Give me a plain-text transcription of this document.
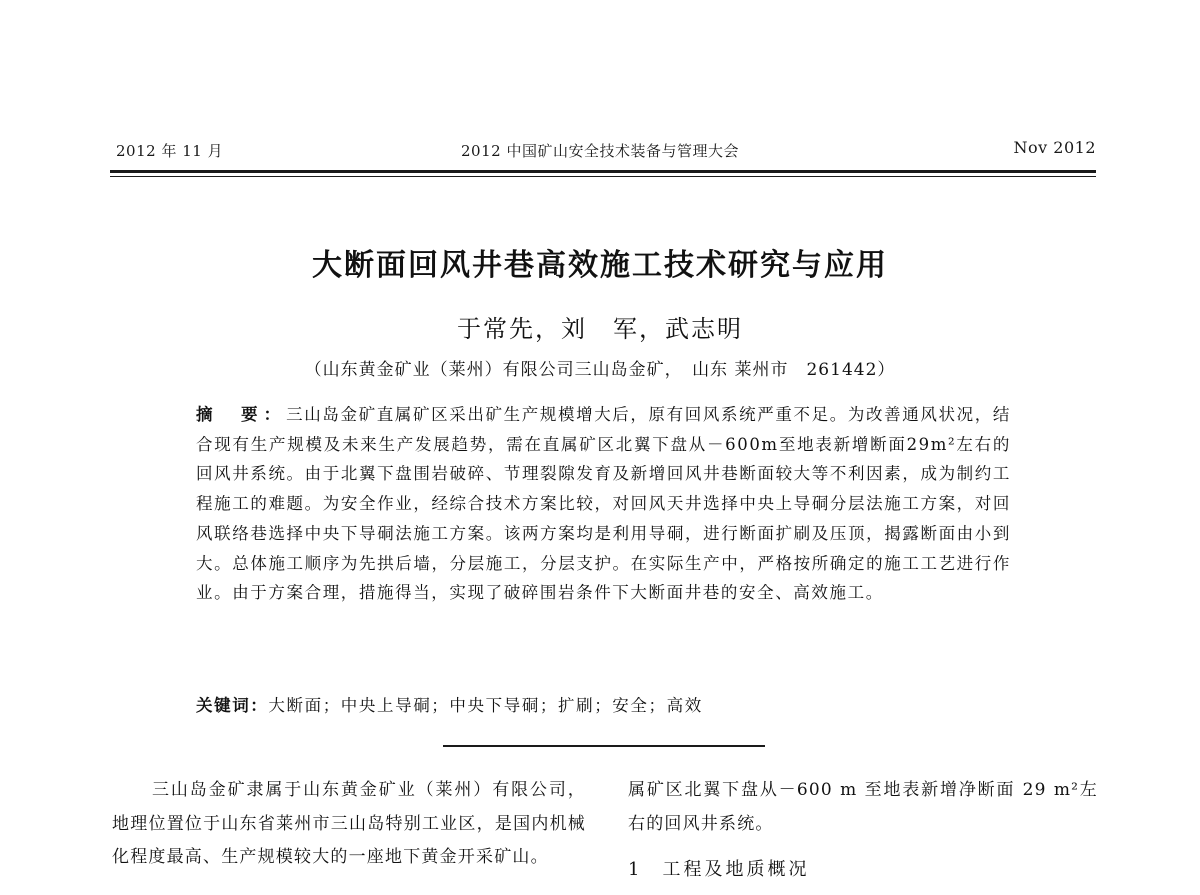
2012 年 11 月	2012 中国矿山安全技术装备与管理大会	Nov 2012
大断面回风井巷高效施工技术研究与应用
于常先，刘　军，武志明
（山东黄金矿业（莱州）有限公司三山岛金矿，　山东 莱州市　261442）
摘　要：三山岛金矿直属矿区采出矿生产规模增大后，原有回风系统严重不足。为改善通风状况，结合现有生产规模及未来生产发展趋势，需在直属矿区北翼下盘从－600m至地表新增断面29m²左右的回风井系统。由于北翼下盘围岩破碎、节理裂隙发育及新增回风井巷断面较大等不利因素，成为制约工程施工的难题。为安全作业，经综合技术方案比较，对回风天井选择中央上导硐分层法施工方案，对回风联络巷选择中央下导硐法施工方案。该两方案均是利用导硐，进行断面扩刷及压顶，揭露断面由小到大。总体施工顺序为先拱后墙，分层施工，分层支护。在实际生产中，严格按所确定的施工工艺进行作业。由于方案合理，措施得当，实现了破碎围岩条件下大断面井巷的安全、高效施工。
关键词：大断面；中央上导硐；中央下导硐；扩刷；安全；高效
三山岛金矿隶属于山东黄金矿业（莱州）有限公司，地理位置位于山东省莱州市三山岛特别工业区，是国内机械化程度最高、生产规模较大的一座地下黄金开采矿山。
属矿区北翼下盘从－600 m 至地表新增净断面 29 m²左右的回风井系统。
1 工程及地质概况
